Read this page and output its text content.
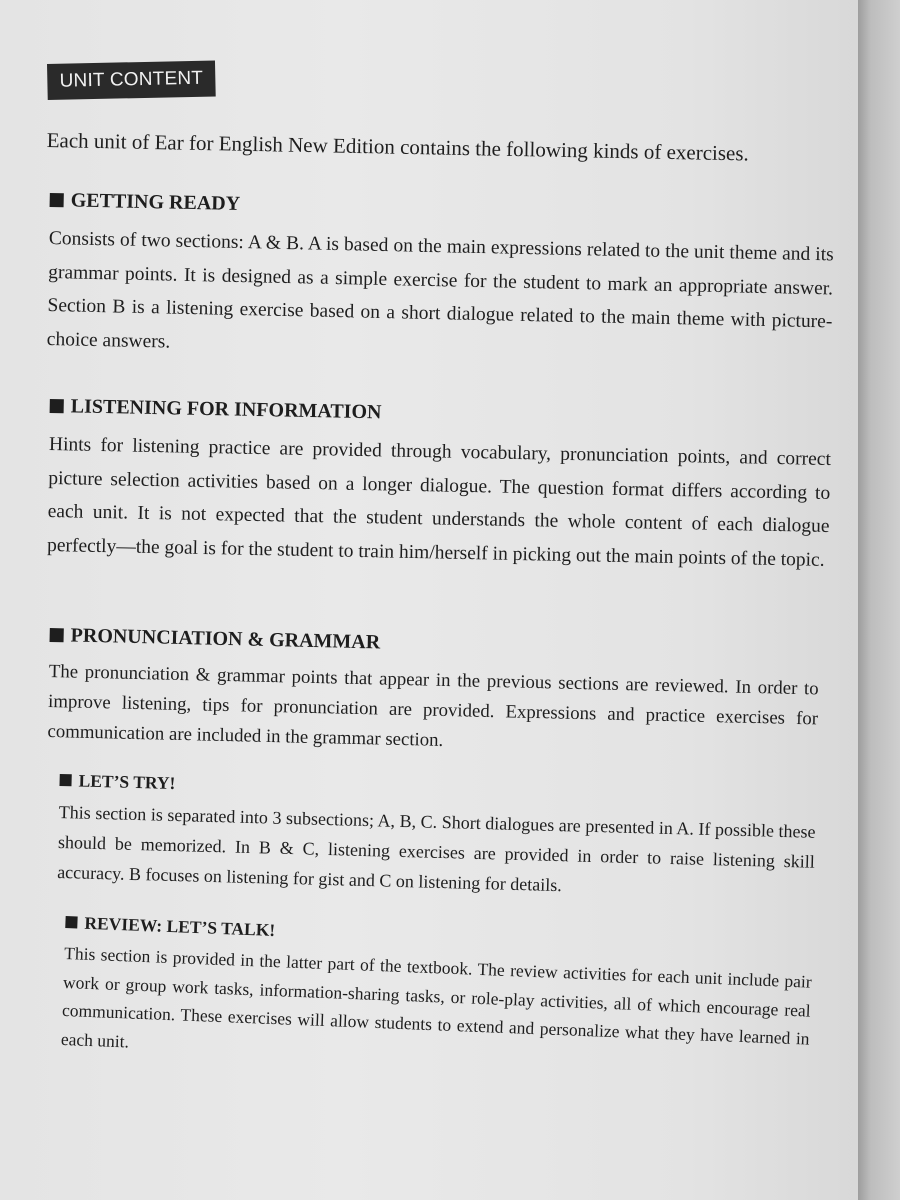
UNIT CONTENT
Each unit of Ear for English New Edition contains the following kinds of exercises.
GETTING READY
Consists of two sections: A & B. A is based on the main expressions related to the unit theme and its grammar points. It is designed as a simple exercise for the student to mark an appropriate answer. Section B is a listening exercise based on a short dialogue related to the main theme with picture-choice answers.
LISTENING FOR INFORMATION
Hints for listening practice are provided through vocabulary, pronunciation points, and correct picture selection activities based on a longer dialogue. The question format differs according to each unit. It is not expected that the student understands the whole content of each dialogue perfectly—the goal is for the student to train him/herself in picking out the main points of the topic.
PRONUNCIATION & GRAMMAR
The pronunciation & grammar points that appear in the previous sections are reviewed. In order to improve listening, tips for pronunciation are provided. Expressions and practice exercises for communication are included in the grammar section.
LET’S TRY!
This section is separated into 3 subsections; A, B, C. Short dialogues are presented in A. If possible these should be memorized. In B & C, listening exercises are provided in order to raise listening skill accuracy. B focuses on listening for gist and C on listening for details.
REVIEW: LET’S TALK!
This section is provided in the latter part of the textbook. The review activities for each unit include pair work or group work tasks, information-sharing tasks, or role-play activities, all of which encourage real communication. These exercises will allow students to extend and personalize what they have learned in each unit.
